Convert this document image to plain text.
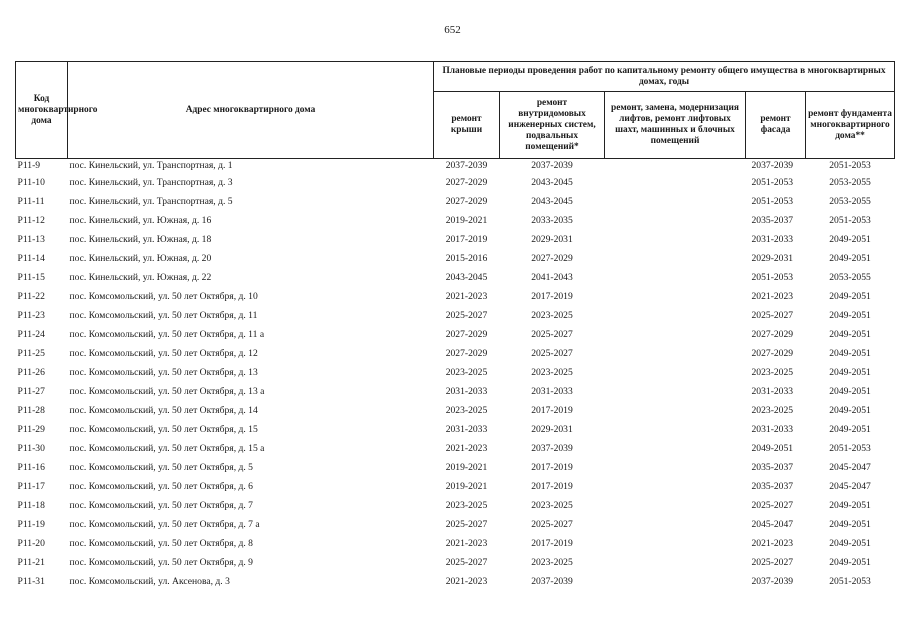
652
Код многоквартирного дома	Адрес многоквартирного дома	Плановые периоды проведения работ по капитальному ремонту общего имущества в многоквартирных домах, годы				
		ремонт крыши	ремонт внутридомовых инженерных систем, подвальных помещений*	ремонт, замена, модернизация лифтов, ремонт лифтовых шахт, машинных и блочных помещений	ремонт фасада	ремонт фундамента многоквартирного дома**
P11-9	пос. Кинельский, ул. Транспортная, д. 1	2037-2039	2037-2039		2037-2039	2051-2053
P11-10	пос. Кинельский, ул. Транспортная, д. 3	2027-2029	2043-2045		2051-2053	2053-2055
P11-11	пос. Кинельский, ул. Транспортная, д. 5	2027-2029	2043-2045		2051-2053	2053-2055
P11-12	пос. Кинельский, ул. Южная, д. 16	2019-2021	2033-2035		2035-2037	2051-2053
P11-13	пос. Кинельский, ул. Южная, д. 18	2017-2019	2029-2031		2031-2033	2049-2051
P11-14	пос. Кинельский, ул. Южная, д. 20	2015-2016	2027-2029		2029-2031	2049-2051
P11-15	пос. Кинельский, ул. Южная, д. 22	2043-2045	2041-2043		2051-2053	2053-2055
P11-22	пос. Комсомольский, ул. 50 лет Октября, д. 10	2021-2023	2017-2019		2021-2023	2049-2051
P11-23	пос. Комсомольский, ул. 50 лет Октября, д. 11	2025-2027	2023-2025		2025-2027	2049-2051
P11-24	пос. Комсомольский, ул. 50 лет Октября, д. 11 а	2027-2029	2025-2027		2027-2029	2049-2051
P11-25	пос. Комсомольский, ул. 50 лет Октября, д. 12	2027-2029	2025-2027		2027-2029	2049-2051
P11-26	пос. Комсомольский, ул. 50 лет Октября, д. 13	2023-2025	2023-2025		2023-2025	2049-2051
P11-27	пос. Комсомольский, ул. 50 лет Октября, д. 13 а	2031-2033	2031-2033		2031-2033	2049-2051
P11-28	пос. Комсомольский, ул. 50 лет Октября, д. 14	2023-2025	2017-2019		2023-2025	2049-2051
P11-29	пос. Комсомольский, ул. 50 лет Октября, д. 15	2031-2033	2029-2031		2031-2033	2049-2051
P11-30	пос. Комсомольский, ул. 50 лет Октября, д. 15 а	2021-2023	2037-2039		2049-2051	2051-2053
P11-16	пос. Комсомольский, ул. 50 лет Октября, д. 5	2019-2021	2017-2019		2035-2037	2045-2047
P11-17	пос. Комсомольский, ул. 50 лет Октября, д. 6	2019-2021	2017-2019		2035-2037	2045-2047
P11-18	пос. Комсомольский, ул. 50 лет Октября, д. 7	2023-2025	2023-2025		2025-2027	2049-2051
P11-19	пос. Комсомольский, ул. 50 лет Октября, д. 7 а	2025-2027	2025-2027		2045-2047	2049-2051
P11-20	пос. Комсомольский, ул. 50 лет Октября, д. 8	2021-2023	2017-2019		2021-2023	2049-2051
P11-21	пос. Комсомольский, ул. 50 лет Октября, д. 9	2025-2027	2023-2025		2025-2027	2049-2051
P11-31	пос. Комсомольский, ул. Аксенова, д. 3	2021-2023	2037-2039		2037-2039	2051-2053
